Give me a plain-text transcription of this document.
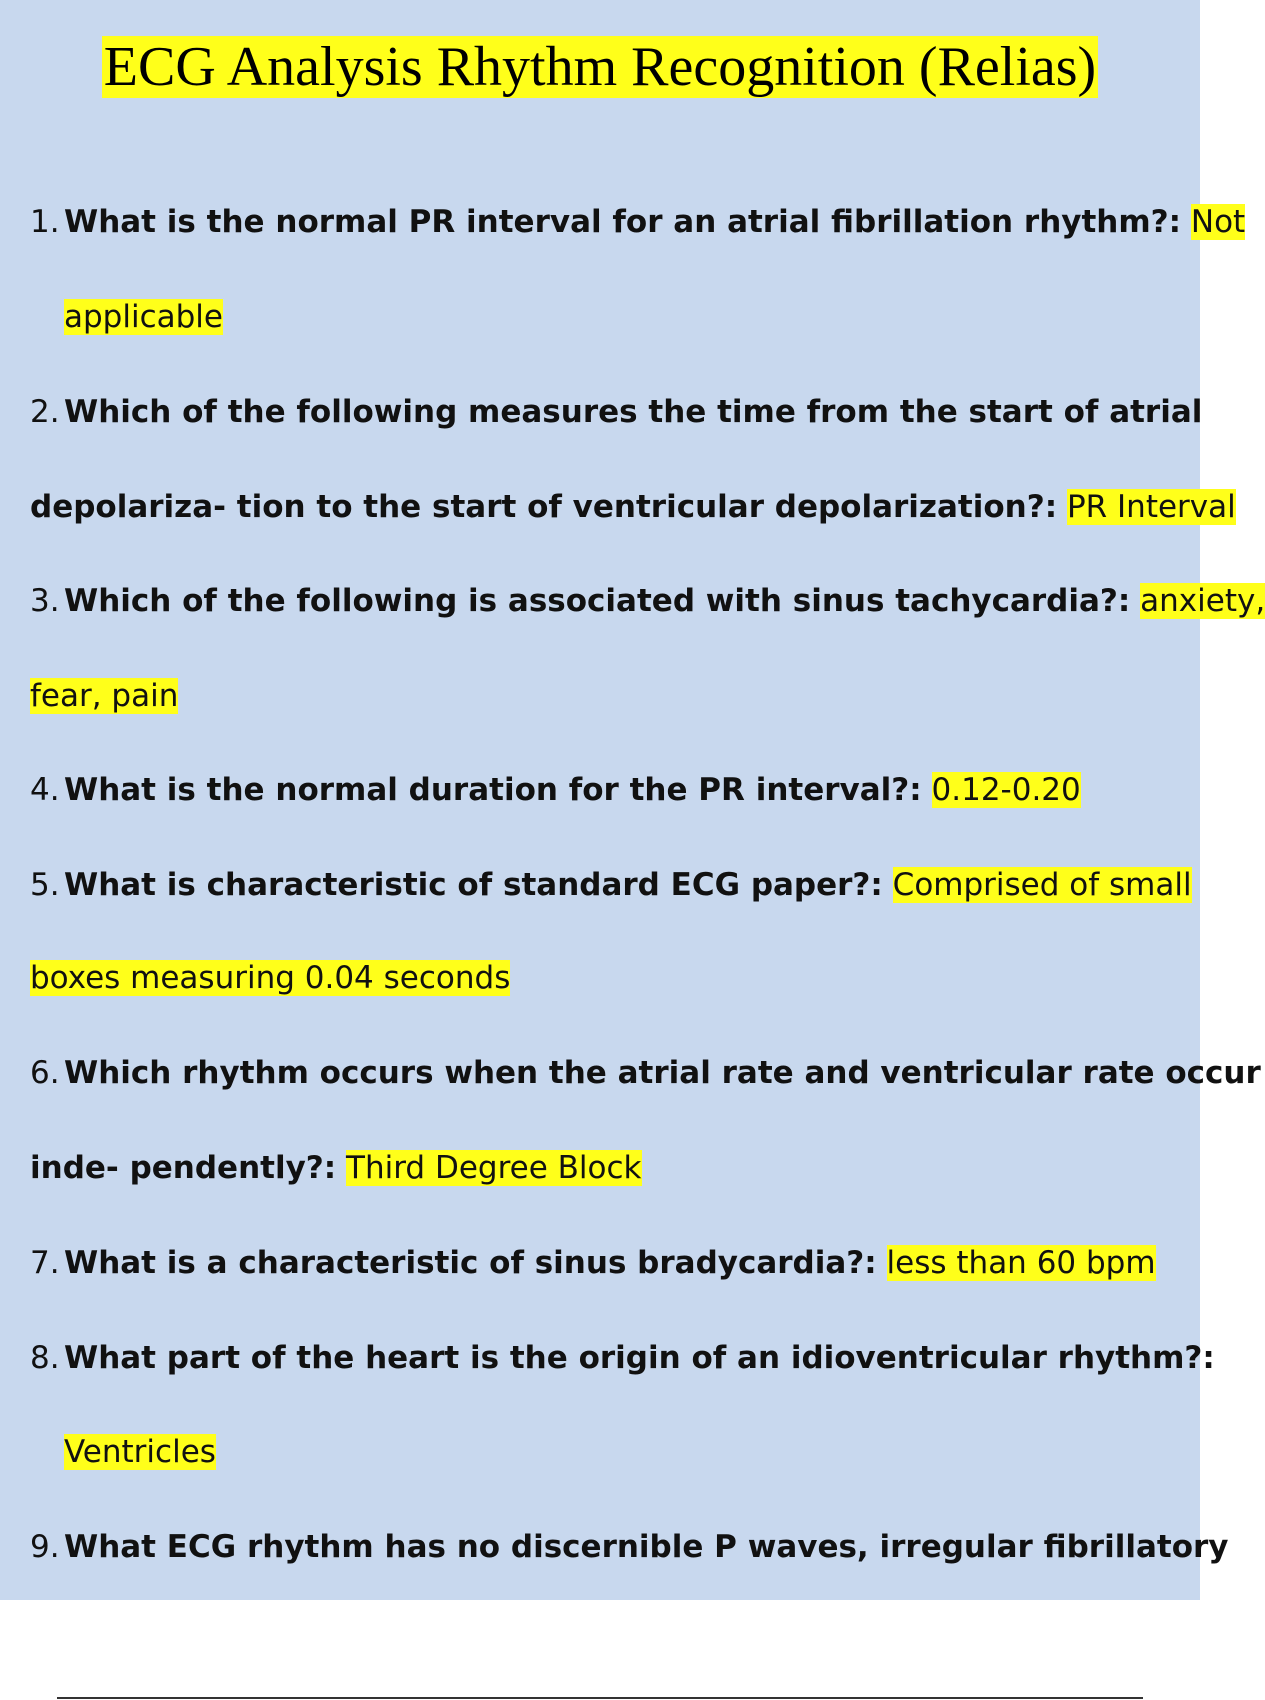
ECG Analysis Rhythm Recognition (Relias)

1. What is the normal PR interval for an atrial fibrillation rhythm?: Not

applicable

2. Which of the following measures the time from the start of atrial

depolariza- tion to the start of ventricular depolarization?: PR Interval

3. Which of the following is associated with sinus tachycardia?: anxiety,

fear, pain

4. What is the normal duration for the PR interval?: 0.12-0.20

5. What is characteristic of standard ECG paper?: Comprised of small

boxes measuring 0.04 seconds

6. Which rhythm occurs when the atrial rate and ventricular rate occur

inde- pendently?: Third Degree Block

7. What is a characteristic of sinus bradycardia?: less than 60 bpm

8. What part of the heart is the origin of an idioventricular rhythm?:

Ventricles

9. What ECG rhythm has no discernible P waves, irregular fibrillatory
